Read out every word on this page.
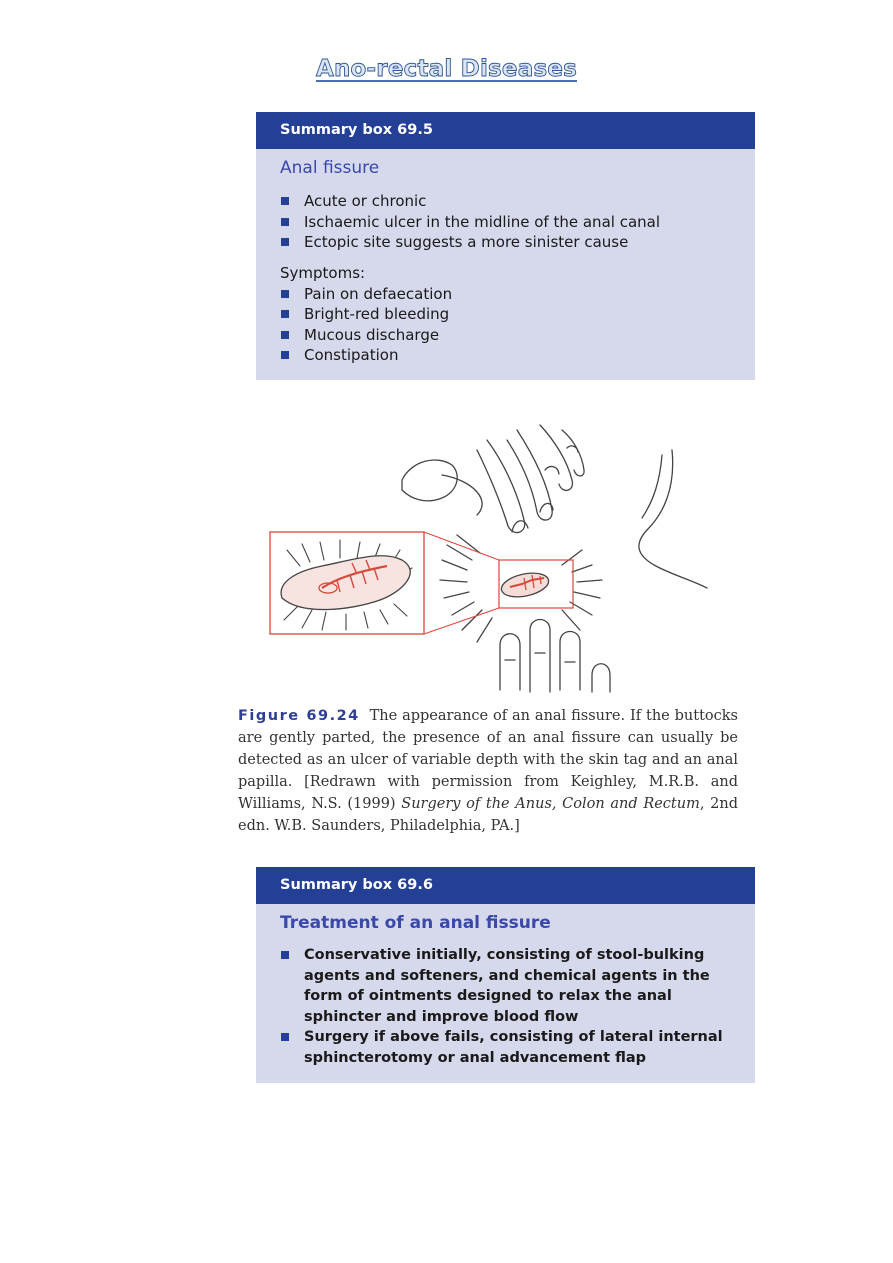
Ano-rectal Diseases
Summary box 69.5
Anal fissure
Acute or chronic
Ischaemic ulcer in the midline of the anal canal
Ectopic site suggests a more sinister cause
Symptoms:
Pain on defaecation
Bright-red bleeding
Mucous discharge
Constipation
Figure 69.24 The appearance of an anal fissure. If the buttocks are gently parted, the presence of an anal fissure can usually be detected as an ulcer of variable depth with the skin tag and an anal papilla. [Redrawn with permission from Keighley, M.R.B. and Williams, N.S. (1999) Surgery of the Anus, Colon and Rectum, 2nd edn. W.B. Saunders, Philadelphia, PA.]
Summary box 69.6
Treatment of an anal fissure
Conservative initially, consisting of stool-bulking agents and softeners, and chemical agents in the form of ointments designed to relax the anal sphincter and improve blood flow
Surgery if above fails, consisting of lateral internal sphincterotomy or anal advancement flap
